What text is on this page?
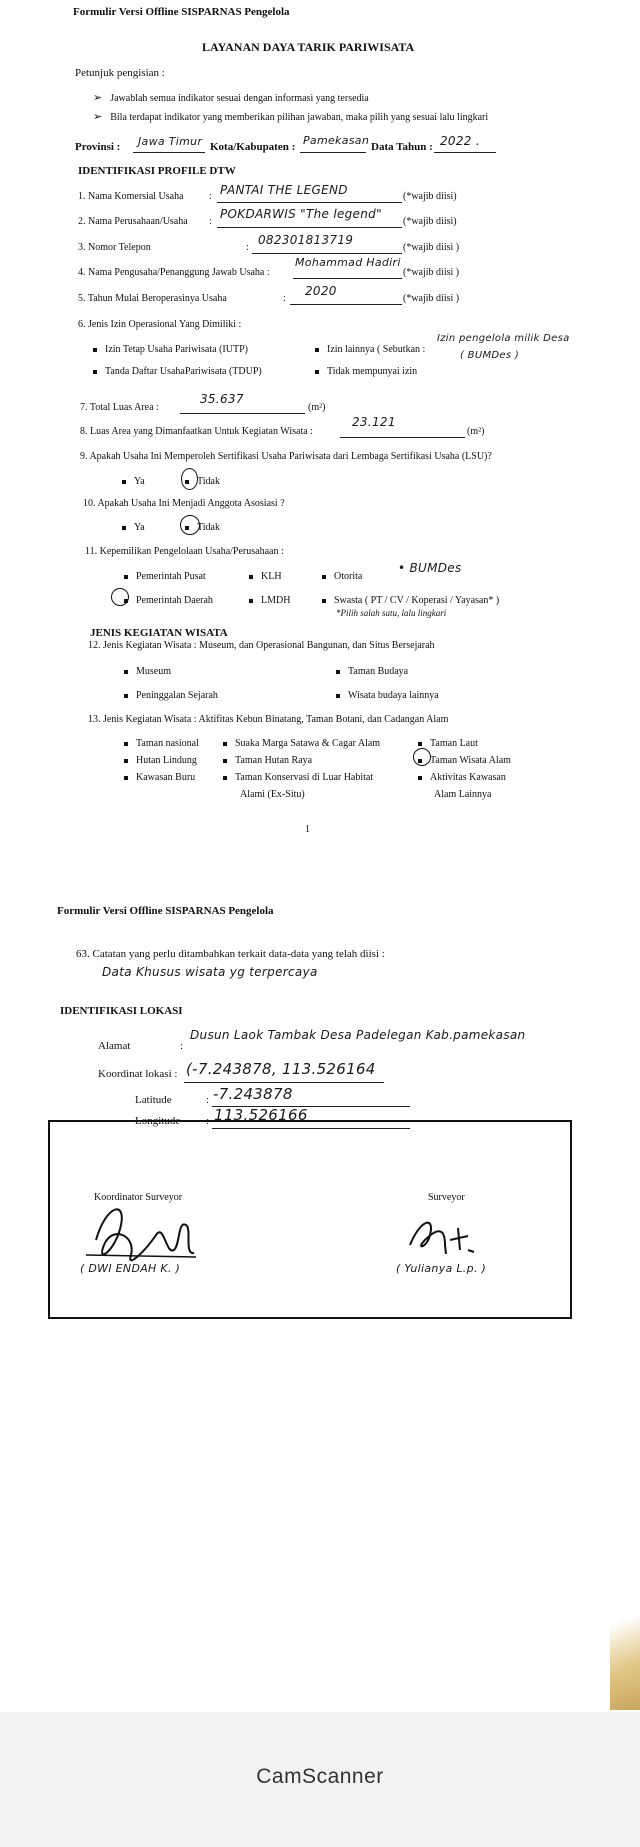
Formulir Versi Offline SISPARNAS Pengelola
LAYANAN DAYA TARIK PARIWISATA
Petunjuk pengisian :
➢ Jawablah semua indikator sesuai dengan informasi yang tersedia
➢ Bila terdapat indikator yang memberikan pilihan jawaban, maka pilih yang sesuai lalu lingkari
Provinsi : Jawa Timur Kota/Kabupaten : Pamekasan Data Tahun : 2022 .
IDENTIFIKASI PROFILE DTW
1. Nama Komersial Usaha	: PANTAI THE LEGEND	(*wajib diisi)
2. Nama Perusahaan/Usaha :
POKDARWIS "The legend"
(*wajib diisi)
3. Nomor Telepon	:
082301813719
(*wajib diisi )
4. Nama Pengusaha/Penanggung Jawab Usaha :
Mohammad Hadiri
(*wajib diisi )
5. Tahun Mulai Beroperasinya Usaha	:
2020
(*wajib diisi )
6. Jenis Izin Operasional Yang Dimiliki :
Izin Tetap Usaha Pariwisata (IUTP)	Izin lainnya ( Sebutkan :
Izin pengelola milik Desa
( BUMDes )
Tanda Daftar UsahaPariwisata (TDUP)	Tidak mempunyai izin
7. Total Luas Area :
35.637
(m²)
8. Luas Area yang Dimanfaatkan Untuk Kegiatan Wisata :
23.121
(m²)
9. Apakah Usaha Ini Memperoleh Sertifikasi Usaha Pariwisata dari Lembaga Sertifikasi Usaha (LSU)?
Ya	Tidak
10. Apakah Usaha Ini Menjadi Anggota Asosiasi ?
Ya	Tidak
11. Kepemilikan Pengelolaan Usaha/Perusahaan :
Pemerintah Pusat	KLH	Otorita
• BUMDes
Pemerintah Daerah	LMDH	Swasta ( PT / CV / Koperasi / Yayasan* )
*Pilih salah satu, lalu lingkari
JENIS KEGIATAN WISATA
12. Jenis Kegiatan Wisata : Museum, dan Operasional Bangunan, dan Situs Bersejarah
Museum	Taman Budaya
Peninggalan Sejarah	Wisata budaya lainnya
13. Jenis Kegiatan Wisata : Aktifitas Kebun Binatang, Taman Botani, dan Cadangan Alam
Taman nasional
Hutan Lindung
Kawasan Buru
Suaka Marga Satawa & Cagar Alam
Taman Hutan Raya
Taman Konservasi di Luar Habitat
Alami (Ex-Situ)
Taman Laut
Taman Wisata Alam
Aktivitas Kawasan
Alam Lainnya
1
Formulir Versi Offline SISPARNAS Pengelola
63. Catatan yang perlu ditambahkan terkait data-data yang telah diisi :
Data Khusus wisata yg terpercaya
IDENTIFIKASI LOKASI
Alamat	:
Dusun Laok Tambak Desa Padelegan Kab.pamekasan
Koordinat lokasi : (-7.243878, 113.526164
Latitude	: -7.243878
Longitude : 113.526166
Koordinator Surveyor
( DWI ENDAH K. )
Surveyor
( Yulianya L.p. )
CamScanner
